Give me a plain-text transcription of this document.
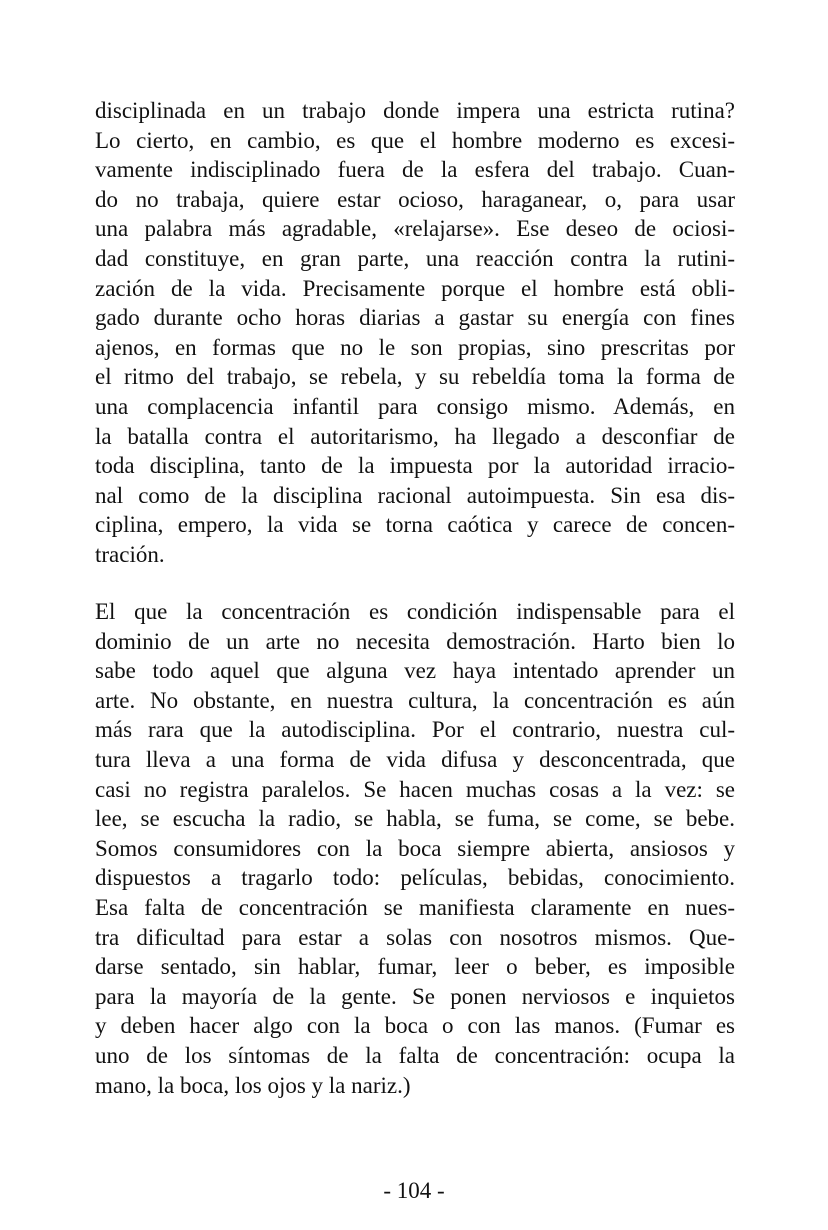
disciplinada en un trabajo donde impera una estricta rutina?
Lo cierto, en cambio, es que el hombre moderno es excesi-
vamente indisciplinado fuera de la esfera del trabajo. Cuan-
do no trabaja, quiere estar ocioso, haraganear, o, para usar
una palabra más agradable, «relajarse». Ese deseo de ociosi-
dad constituye, en gran parte, una reacción contra la rutini-
zación de la vida. Precisamente porque el hombre está obli-
gado durante ocho horas diarias a gastar su energía con fines
ajenos, en formas que no le son propias, sino prescritas por
el ritmo del trabajo, se rebela, y su rebeldía toma la forma de
una complacencia infantil para consigo mismo. Además, en
la batalla contra el autoritarismo, ha llegado a desconfiar de
toda disciplina, tanto de la impuesta por la autoridad irracio-
nal como de la disciplina racional autoimpuesta. Sin esa dis-
ciplina, empero, la vida se torna caótica y carece de concen-
tración.
El que la concentración es condición indispensable para el
dominio de un arte no necesita demostración. Harto bien lo
sabe todo aquel que alguna vez haya intentado aprender un
arte. No obstante, en nuestra cultura, la concentración es aún
más rara que la autodisciplina. Por el contrario, nuestra cul-
tura lleva a una forma de vida difusa y desconcentrada, que
casi no registra paralelos. Se hacen muchas cosas a la vez: se
lee, se escucha la radio, se habla, se fuma, se come, se bebe.
Somos consumidores con la boca siempre abierta, ansiosos y
dispuestos a tragarlo todo: películas, bebidas, conocimiento.
Esa falta de concentración se manifiesta claramente en nues-
tra dificultad para estar a solas con nosotros mismos. Que-
darse sentado, sin hablar, fumar, leer o beber, es imposible
para la mayoría de la gente. Se ponen nerviosos e inquietos
y deben hacer algo con la boca o con las manos. (Fumar es
uno de los síntomas de la falta de concentración: ocupa la
mano, la boca, los ojos y la nariz.)
- 104 -
